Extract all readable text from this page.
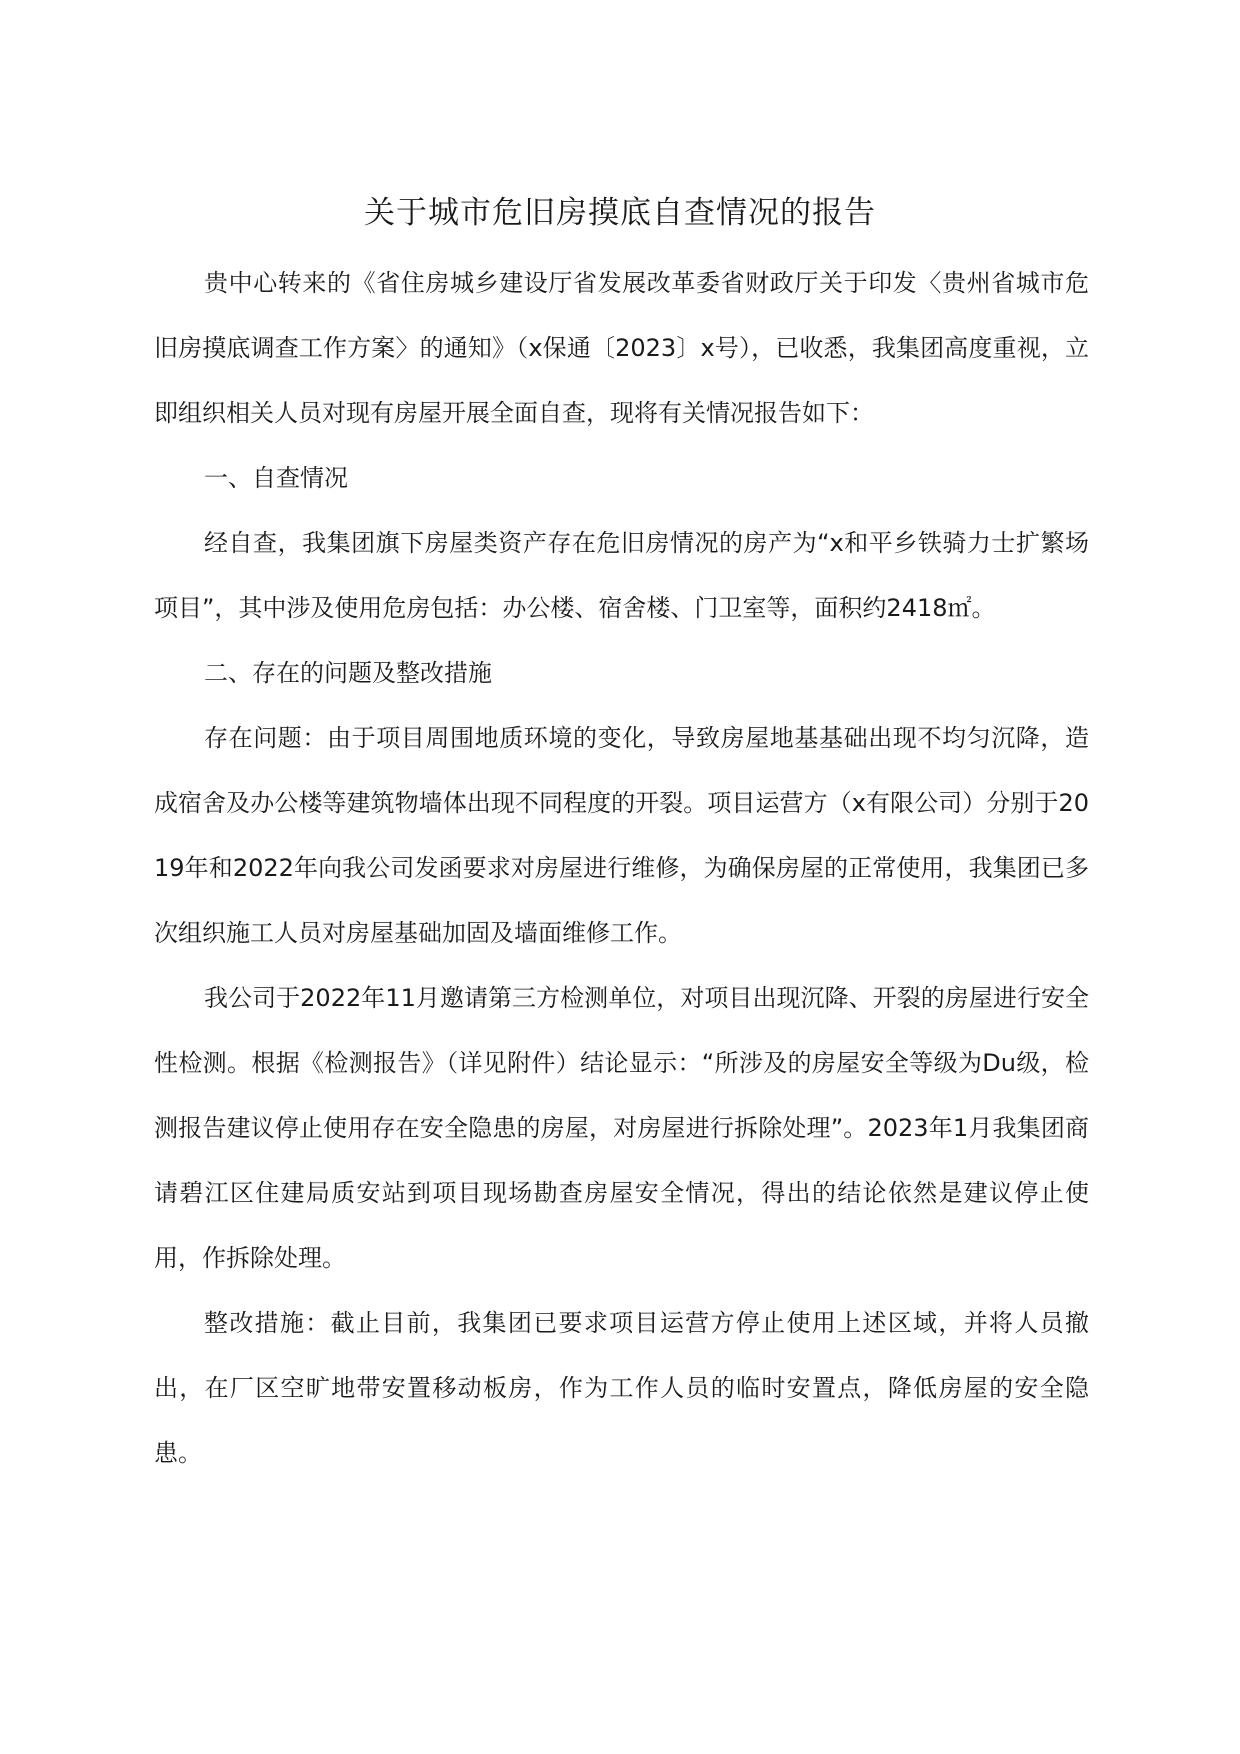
关于城市危旧房摸底自查情况的报告

贵中心转来的《省住房城乡建设厅省发展改革委省财政厅关于印发〈贵州省城市危旧房摸底调查工作方案〉的通知》（x保通〔2023〕x号），已收悉，我集团高度重视，立即组织相关人员对现有房屋开展全面自查，现将有关情况报告如下：

一、自查情况

经自查，我集团旗下房屋类资产存在危旧房情况的房产为“x和平乡铁骑力士扩繁场项目”，其中涉及使用危房包括：办公楼、宿舍楼、门卫室等，面积约2418㎡。

二、存在的问题及整改措施

存在问题：由于项目周围地质环境的变化，导致房屋地基基础出现不均匀沉降，造成宿舍及办公楼等建筑物墙体出现不同程度的开裂。项目运营方（x有限公司）分别于2019年和2022年向我公司发函要求对房屋进行维修，为确保房屋的正常使用，我集团已多次组织施工人员对房屋基础加固及墙面维修工作。

我公司于2022年11月邀请第三方检测单位，对项目出现沉降、开裂的房屋进行安全性检测。根据《检测报告》（详见附件）结论显示：“所涉及的房屋安全等级为Du级，检测报告建议停止使用存在安全隐患的房屋，对房屋进行拆除处理”。2023年1月我集团商请碧江区住建局质安站到项目现场勘查房屋安全情况，得出的结论依然是建议停止使用，作拆除处理。

整改措施：截止目前，我集团已要求项目运营方停止使用上述区域，并将人员撤出，在厂区空旷地带安置移动板房，作为工作人员的临时安置点，降低房屋的安全隐患。
